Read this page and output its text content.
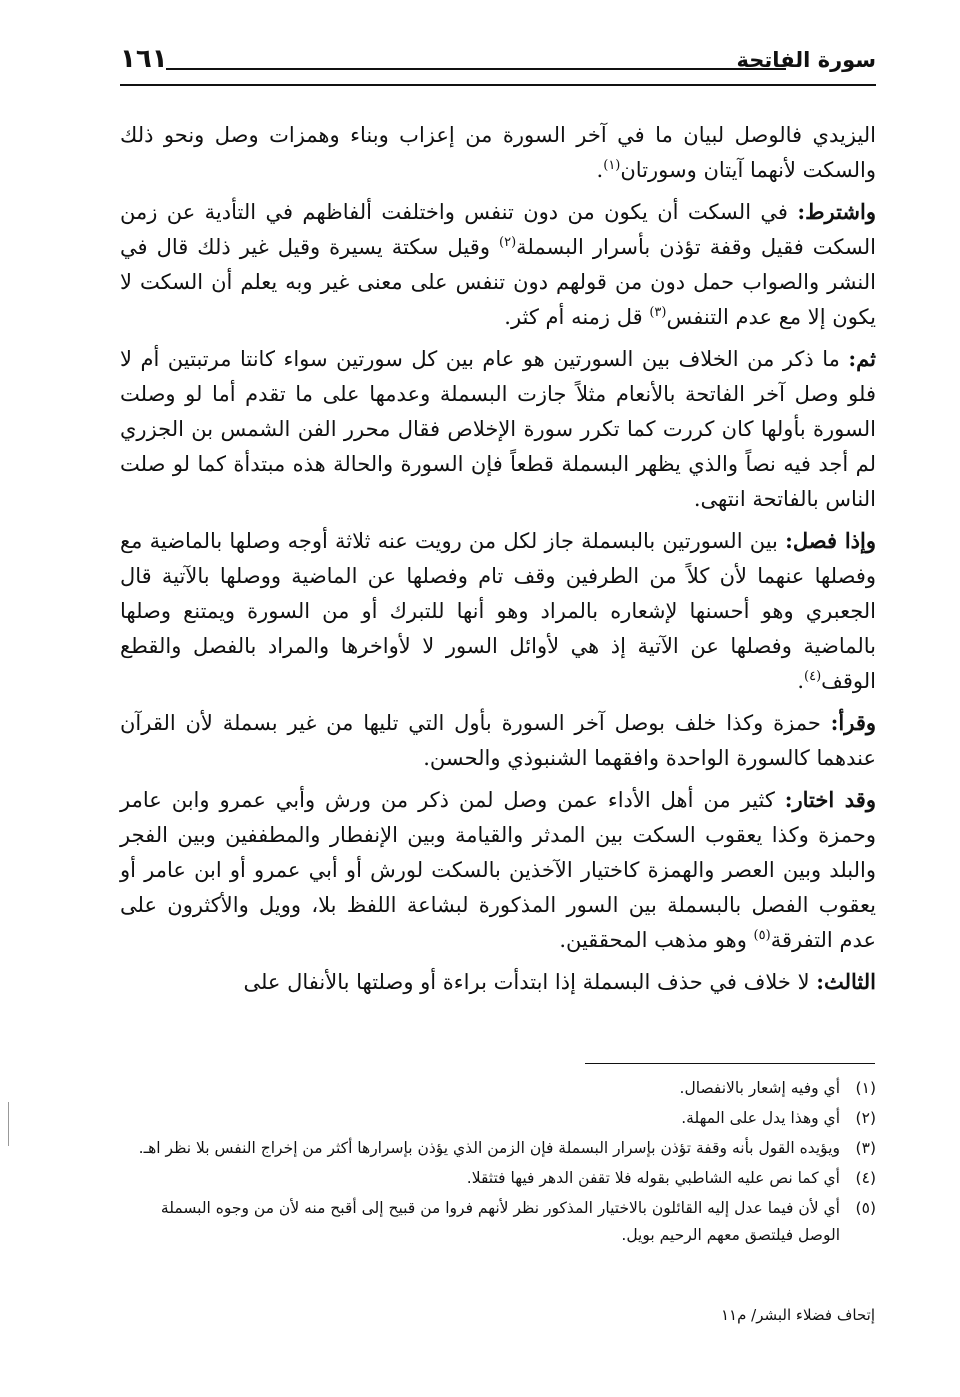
سورة الفاتحة
١٦١

اليزيدي فالوصل لبيان ما في آخر السورة من إعزاب وبناء وهمزات وصل ونحو ذلك والسكت لأنهما آيتان وسورتان$^{(١)}$.

واشترط: في السكت أن يكون من دون تنفس واختلفت ألفاظهم في التأدية عن زمن السكت فقيل وقفة تؤذن بأسرار البسملة$^{(٢)}$ وقيل سكتة يسيرة وقيل غير ذلك قال في النشر والصواب حمل دون من قولهم دون تنفس على معنى غير وبه يعلم أن السكت لا يكون إلا مع عدم التنفس$^{(٣)}$ قل زمنه أم كثر.

ثم: ما ذكر من الخلاف بين السورتين هو عام بين كل سورتين سواء كانتا مرتبتين أم لا فلو وصل آخر الفاتحة بالأنعام مثلاً جازت البسملة وعدمها على ما تقدم أما لو وصلت السورة بأولها كان كررت كما تكرر سورة الإخلاص فقال محرر الفن الشمس بن الجزري لم أجد فيه نصاً والذي يظهر البسملة قطعاً فإن السورة والحالة هذه مبتدأة كما لو صلت الناس بالفاتحة انتهى.

وإذا فصل: بين السورتين بالبسملة جاز لكل من رويت عنه ثلاثة أوجه وصلها بالماضية مع وفصلها عنهما لأن كلاً من الطرفين وقف تام وفصلها عن الماضية ووصلها بالآتية قال الجعبري وهو أحسنها لإشعاره بالمراد وهو أنها للتبرك أو من السورة ويمتنع وصلها بالماضية وفصلها عن الآتية إذ هي لأوائل السور لا لأواخرها والمراد بالفصل والقطع الوقف$^{(٤)}$.

وقرأ: حمزة وكذا خلف بوصل آخر السورة بأول التي تليها من غير بسملة لأن القرآن عندهما كالسورة الواحدة وافقهما الشنبوذي والحسن.

وقد اختار: كثير من أهل الأداء عمن وصل لمن ذكر من ورش وأبي عمرو وابن عامر وحمزة وكذا يعقوب السكت بين المدثر والقيامة وبين الإنفطار والمطففين وبين الفجر والبلد وبين العصر والهمزة كاختيار الآخذين بالسكت لورش أو أبي عمرو أو ابن عامر أو يعقوب الفصل بالبسملة بين السور المذكورة لبشاعة اللفظ بلا، وويل والأكثرون على عدم التفرقة$^{(٥)}$ وهو مذهب المحققين.

الثالث: لا خلاف في حذف البسملة إذا ابتدأت براءة أو وصلتها بالأنفال على

(١)
أي وفيه إشعار بالانفصال.

(٢)
أي وهذا يدل على المهلة.

(٣)
ويؤيده القول بأنه وقفة تؤذن بإسرار البسملة فإن الزمن الذي يؤذن بإسرارها أكثر من إخراج النفس بلا نظر اهـ.

(٤)
أي كما نص عليه الشاطبي بقوله فلا تقفن الدهر فيها فتثقلا.

(٥)
أي لأن فيما عدل إليه القائلون بالاختيار المذكور نظر لأنهم فروا من قبيح إلى أقبح منه لأن من وجوه البسملة الوصل فيلتصق معهم الرحيم بويل.

إتحاف فضلاء البشر/ م١١
